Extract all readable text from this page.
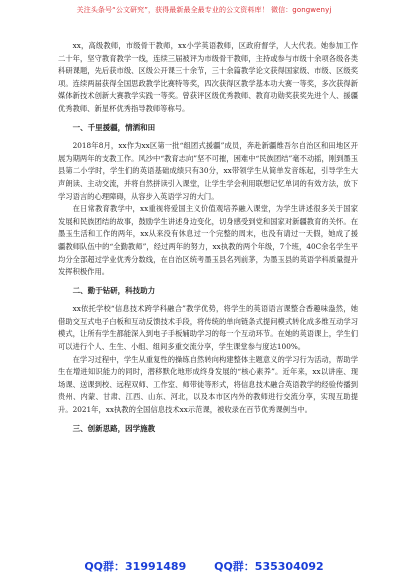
关注头条号“公文研究”，获得最新最全最专业的公文资料库！ 微信：gongwenyj

xx，高级教师，市级骨干教师，xx小学英语教师，区政府督学，人大代表。她参加工作二十年，坚守教育教学一线，连续三届被评为市级骨干教师，主持或参与市级十余项各级各类科研课题，先后获市级、区级公开课三十余节，三十余篇教学论文获得国家级、市级、区级奖项。连续两届获得全国思政教学比赛特等奖，四次获得区教学基本功大赛一等奖，多次获得新媒体新技术创新大赛教学实践一等奖。曾获评区级优秀教师、教育功勋奖获奖先进个人、援疆优秀教师、新星杯优秀指导教师等称号。

一、千里援疆，情洒和田

2018年8月，xx作为xx区第一批“组团式援疆”成员，奔赴新疆维吾尔自治区和田地区开展为期两年的支教工作。风沙中“教育志向”坚不可摧，困难中“民族团结”毫不动摇，刚到墨玉县第二小学时，学生们的英语基础成绩只有30分，xx带领学生从简单发音练起，引导学生大声朗读、主动交流，并将自然拼读引入课堂，让学生学会利用联想记忆单词的有效方法，放下学习语言的心理障碍，从容步入英语学习的大门。

在日常教育教学中，xx重视将爱国主义价值观培养融入课堂，为学生讲述很多关于国家发展和民族团结的故事，鼓励学生讲述身边变化，切身感受到党和国家对新疆教育的关怀。在墨玉生活和工作的两年，xx从来没有休息过一个完整的周末，也没有请过一天假，她成了援疆教师队伍中的“全勤教师”，经过两年的努力，xx执教的两个年级，7个班，40C余名学生平均分全部超过学业优秀分数线，在自治区统考墨玉县名列前茅，为墨玉县的英语学科质量提升发挥积极作用。

二、勤于钻研，科技助力

xx依托学校“信息技术跨学科融合”教学优势，将学生的英语语言课整合香趣味盎然，她借助交互式电子白板和互动反馈技术手段，将传统的单向链条式提问模式转化成多维互动学习模式，让所有学生都能深入到电子手板辅助学习的每一个互动环节。在她的英语课上，学生们可以进行个人、生生、小组、组间多重交流分享，学生课堂参与度达100%。

在学习过程中，学生从重复性的操练自然转向构建整体主题意义的学习行为活动，帮助学生在增进知识能力的同时，潜移默化地形成终身发展的“核心素养”。近年来，xx以讲座、现场课、送课到校、远程双师、工作室、师带徒等形式，将信息技术融合英语教学的经验传播到贵州、内蒙、甘肃、江西、山东、河北，以及本市区内外的教师进行交流分享，实现互助提升。2021年，xx执教的全国信息技术xx示范课，被收录在百节优秀课例当中。

三、创新思路，因学施教

QQ群：31991489	QQ群：535304092
